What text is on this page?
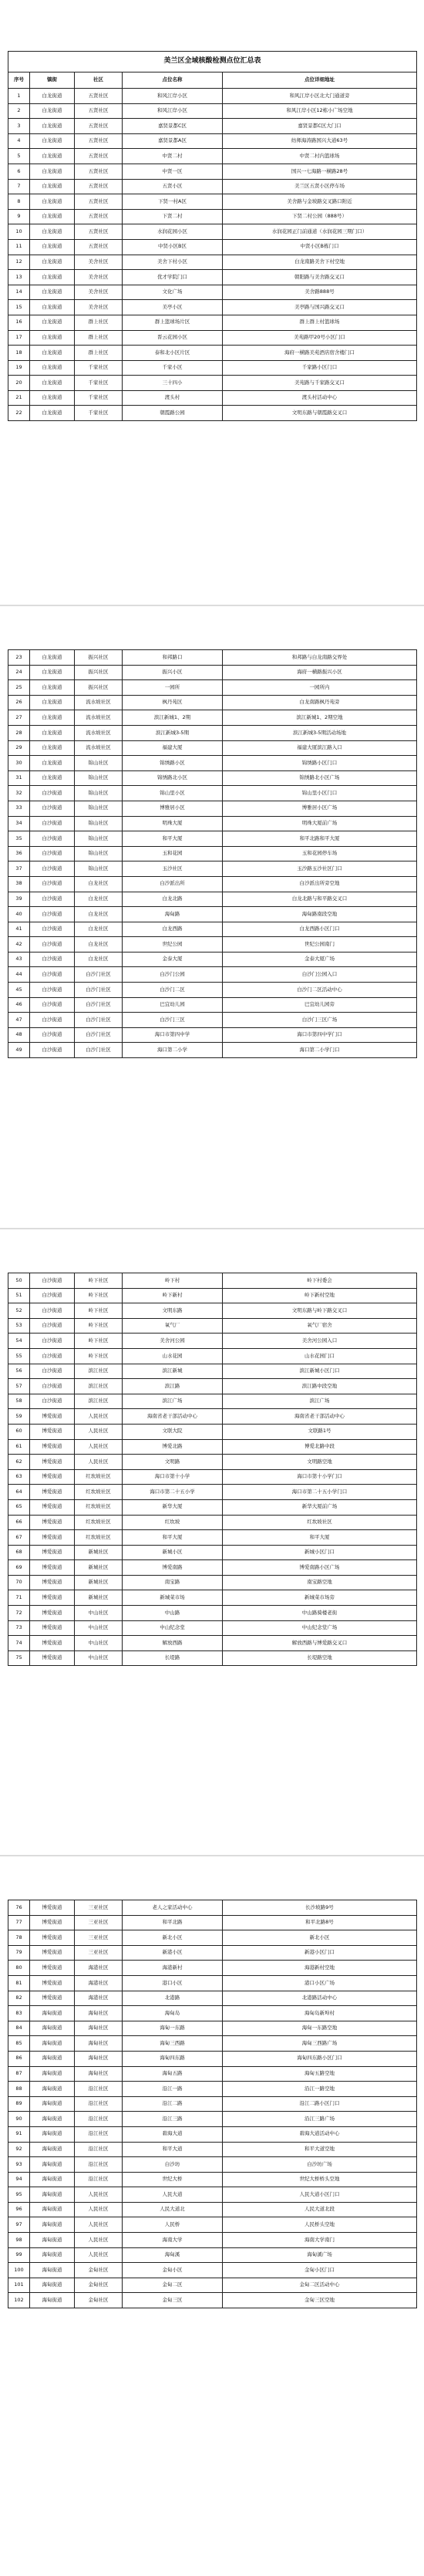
美兰区全域核酸检测点位汇总表				
序号	镇街	社区	点位名称	点位详细地址
1	白龙街道	五贤社区	和风江岸小区	和风江岸小区北大门通道旁
2	白龙街道	五贤社区	和风江岸小区	和风江岸小区12栋小广场空地
3	白龙街道	五贤社区	嘉贤景都C区	嘉贤景都C区大门口
4	白龙街道	五贤社区	嘉贤景都A区	纺师海涛路国兴大道63号
5	白龙街道	五贤社区	中贤二村	中贤二村内篮球场
6	白龙街道	五贤社区	中贤一区	国兴一七海路一横路28号
7	白龙街道	五贤社区	五贤小区	美兰区五贤小区停车场
8	白龙街道	五贤社区	下贤一村A区	美舍路与金坡路交叉路口附近
9	白龙街道	五贤社区	下贤二村	下贤二村公园（888号）
10	白龙街道	五贤社区	水润花园小区	水润花园正门前通道（水润花园三期门口）
11	白龙街道	五贤社区	中贤小区B区	中贤小区B栋门口
12	白龙街道	美舍社区	美舍下村小区	白龙南路美舍下村空地
13	白龙街道	美舍社区	优才学院门口	朝阳路与美舍路交叉口
14	白龙街道	美舍社区	文化广场	美舍路888号
15	白龙街道	美舍社区	美亭小区	美亭路与国兴路交叉口
16	白龙街道	群上社区	群上篮球场片区	群上群上村篮球场
17	白龙街道	群上社区	晋云花园小区	美苑路甲20号小区门口
18	白龙街道	群上社区	泰和北小区片区	海府一横路美苑酒店宿舍楼门口
19	白龙街道	千家社区	千家小区	千家路小区门口
20	白龙街道	千家社区	三十四小	美苑路与千家路交叉口
21	白龙街道	千家社区	渡头村	渡头村活动中心
22	白龙街道	千家社区	朝霞路公园	文明东路与朝霞路交叉口
23	白龙街道	振兴社区	和邦路口	和邦路与白龙南路交界处
24	白龙街道	振兴社区	振兴小区	海府一横路振兴小区
25	白龙街道	振兴社区	一园所	一园所内
26	白龙街道	流水坡社区	枫丹苑区	白龙南路枫丹苑旁
27	白龙街道	流水坡社区	滨江新城1、2期	滨江新城1、2期空地
28	白龙街道	流水坡社区	滨江新城3-5期	滨江新城3-5期活动场地
29	白龙街道	流水坡社区	福建大厦	福建大厦滨江路入口
30	白龙街道	锦山社区	锦绣路小区	锦绣路小区门口
31	白龙街道	锦山社区	锦绣路北小区	锦绣路北小区广场
32	白沙街道	锦山社区	锦山里小区	锦山里小区门口
33	白沙街道	锦山社区	博雅居小区	博雅居小区广场
34	白沙街道	锦山社区	明珠大厦	明珠大厦前广场
35	白沙街道	锦山社区	和平大厦	和平北路和平大厦
36	白沙街道	锦山社区	玉和花园	玉和花园停车场
37	白沙街道	锦山社区	玉沙社区	玉沙路玉沙社区门口
38	白沙街道	白龙社区	白沙派出所	白沙派出所旁空地
39	白沙街道	白龙社区	白龙北路	白龙北路与和平路交叉口
40	白沙街道	白龙社区	海甸路	海甸路南段空地
41	白沙街道	白龙社区	白龙西路	白龙西路小区门口
42	白沙街道	白龙社区	世纪公园	世纪公园南门
43	白沙街道	白龙社区	金泰大厦	金泰大厦广场
44	白沙街道	白沙门社区	白沙门公园	白沙门公园入口
45	白沙街道	白沙门社区	白沙门二区	白沙门二区活动中心
46	白沙街道	白沙门社区	巴宜幼儿园	巴宜幼儿园旁
47	白沙街道	白沙门社区	白沙门三区	白沙门三区广场
48	白沙街道	白沙门社区	海口市第四中学	海口市第四中学门口
49	白沙街道	白沙门社区	海口第二小学	海口第二小学门口
50	白沙街道	岭下社区	岭下村	岭下村委会
51	白沙街道	岭下社区	岭下新村	岭下新村空地
52	白沙街道	岭下社区	文明东路	文明东路与岭下路交叉口
53	白沙街道	岭下社区	氧气厂	氧气厂宿舍
54	白沙街道	岭下社区	美舍河公园	美舍河公园入口
55	白沙街道	岭下社区	山水花园	山水花园门口
56	白沙街道	滨江社区	滨江新城	滨江新城小区门口
57	白沙街道	滨江社区	滨江路	滨江路中段空地
58	白沙街道	滨江社区	滨江广场	滨江广场
59	博爱街道	人民社区	海南省老干部活动中心	海南省老干部活动中心
60	博爱街道	人民社区	文联大院	文联路1号
61	博爱街道	人民社区	博爱北路	博爱北路中段
62	博爱街道	人民社区	文明路	文明路空地
63	博爱街道	红坎坡社区	海口市第十小学	海口市第十小学门口
64	博爱街道	红坎坡社区	海口市第二十五小学	海口市第二十五小学门口
65	博爱街道	红坎坡社区	新华大厦	新华大厦前广场
66	博爱街道	红坎坡社区	红坎坡	红坎坡社区
67	博爱街道	红坎坡社区	和平大厦	和平大厦
68	博爱街道	新城社区	新城小区	新城小区门口
69	博爱街道	新城社区	博爱南路	博爱南路小区广场
70	博爱街道	新城社区	南宝路	南宝路空地
71	博爱街道	新城社区	新城菜市场	新城菜市场旁
72	博爱街道	中山社区	中山路	中山路骑楼老街
73	博爱街道	中山社区	中山纪念堂	中山纪念堂广场
74	博爱街道	中山社区	解放西路	解放西路与博爱路交叉口
75	博爱街道	中山社区	长堤路	长堤路空地
76	博爱街道	三亚社区	老人之家活动中心	长沙坡路9号
77	博爱街道	三亚社区	和平北路	和平北路8号
78	博爱街道	三亚社区	新北小区	新北小区
79	博爱街道	三亚社区	新港小区	新港小区门口
80	博爱街道	海港社区	海港新村	海港新村空地
81	博爱街道	海港社区	港口小区	港口小区广场
82	博爱街道	海港社区	北港路	北港路活动中心
83	海甸街道	海甸社区	海甸岛	海甸岛新埠村
84	海甸街道	海甸社区	海甸一东路	海甸一东路空地
85	海甸街道	海甸社区	海甸三西路	海甸三西路广场
86	海甸街道	海甸社区	海甸四东路	海甸四东路小区门口
87	海甸街道	海甸社区	海甸五路	海甸五路空地
88	海甸街道	沿江社区	沿江一路	沿江一路空地
89	海甸街道	沿江社区	沿江二路	沿江二路小区门口
90	海甸街道	沿江社区	沿江三路	沿江三路广场
91	海甸街道	沿江社区	碧海大道	碧海大道活动中心
92	海甸街道	沿江社区	和平大道	和平大道空地
93	海甸街道	沿江社区	白沙坊	白沙坊广场
94	海甸街道	沿江社区	世纪大桥	世纪大桥桥头空地
95	海甸街道	人民社区	人民大道	人民大道小区门口
96	海甸街道	人民社区	人民大道北	人民大道北段
97	海甸街道	人民社区	人民桥	人民桥头空地
98	海甸街道	人民社区	海南大学	海南大学南门
99	海甸街道	人民社区	海甸溪	海甸溪广场
100	海甸街道	金甸社区	金甸小区	金甸小区门口
101	海甸街道	金甸社区	金甸二区	金甸二区活动中心
102	海甸街道	金甸社区	金甸三区	金甸三区空地
